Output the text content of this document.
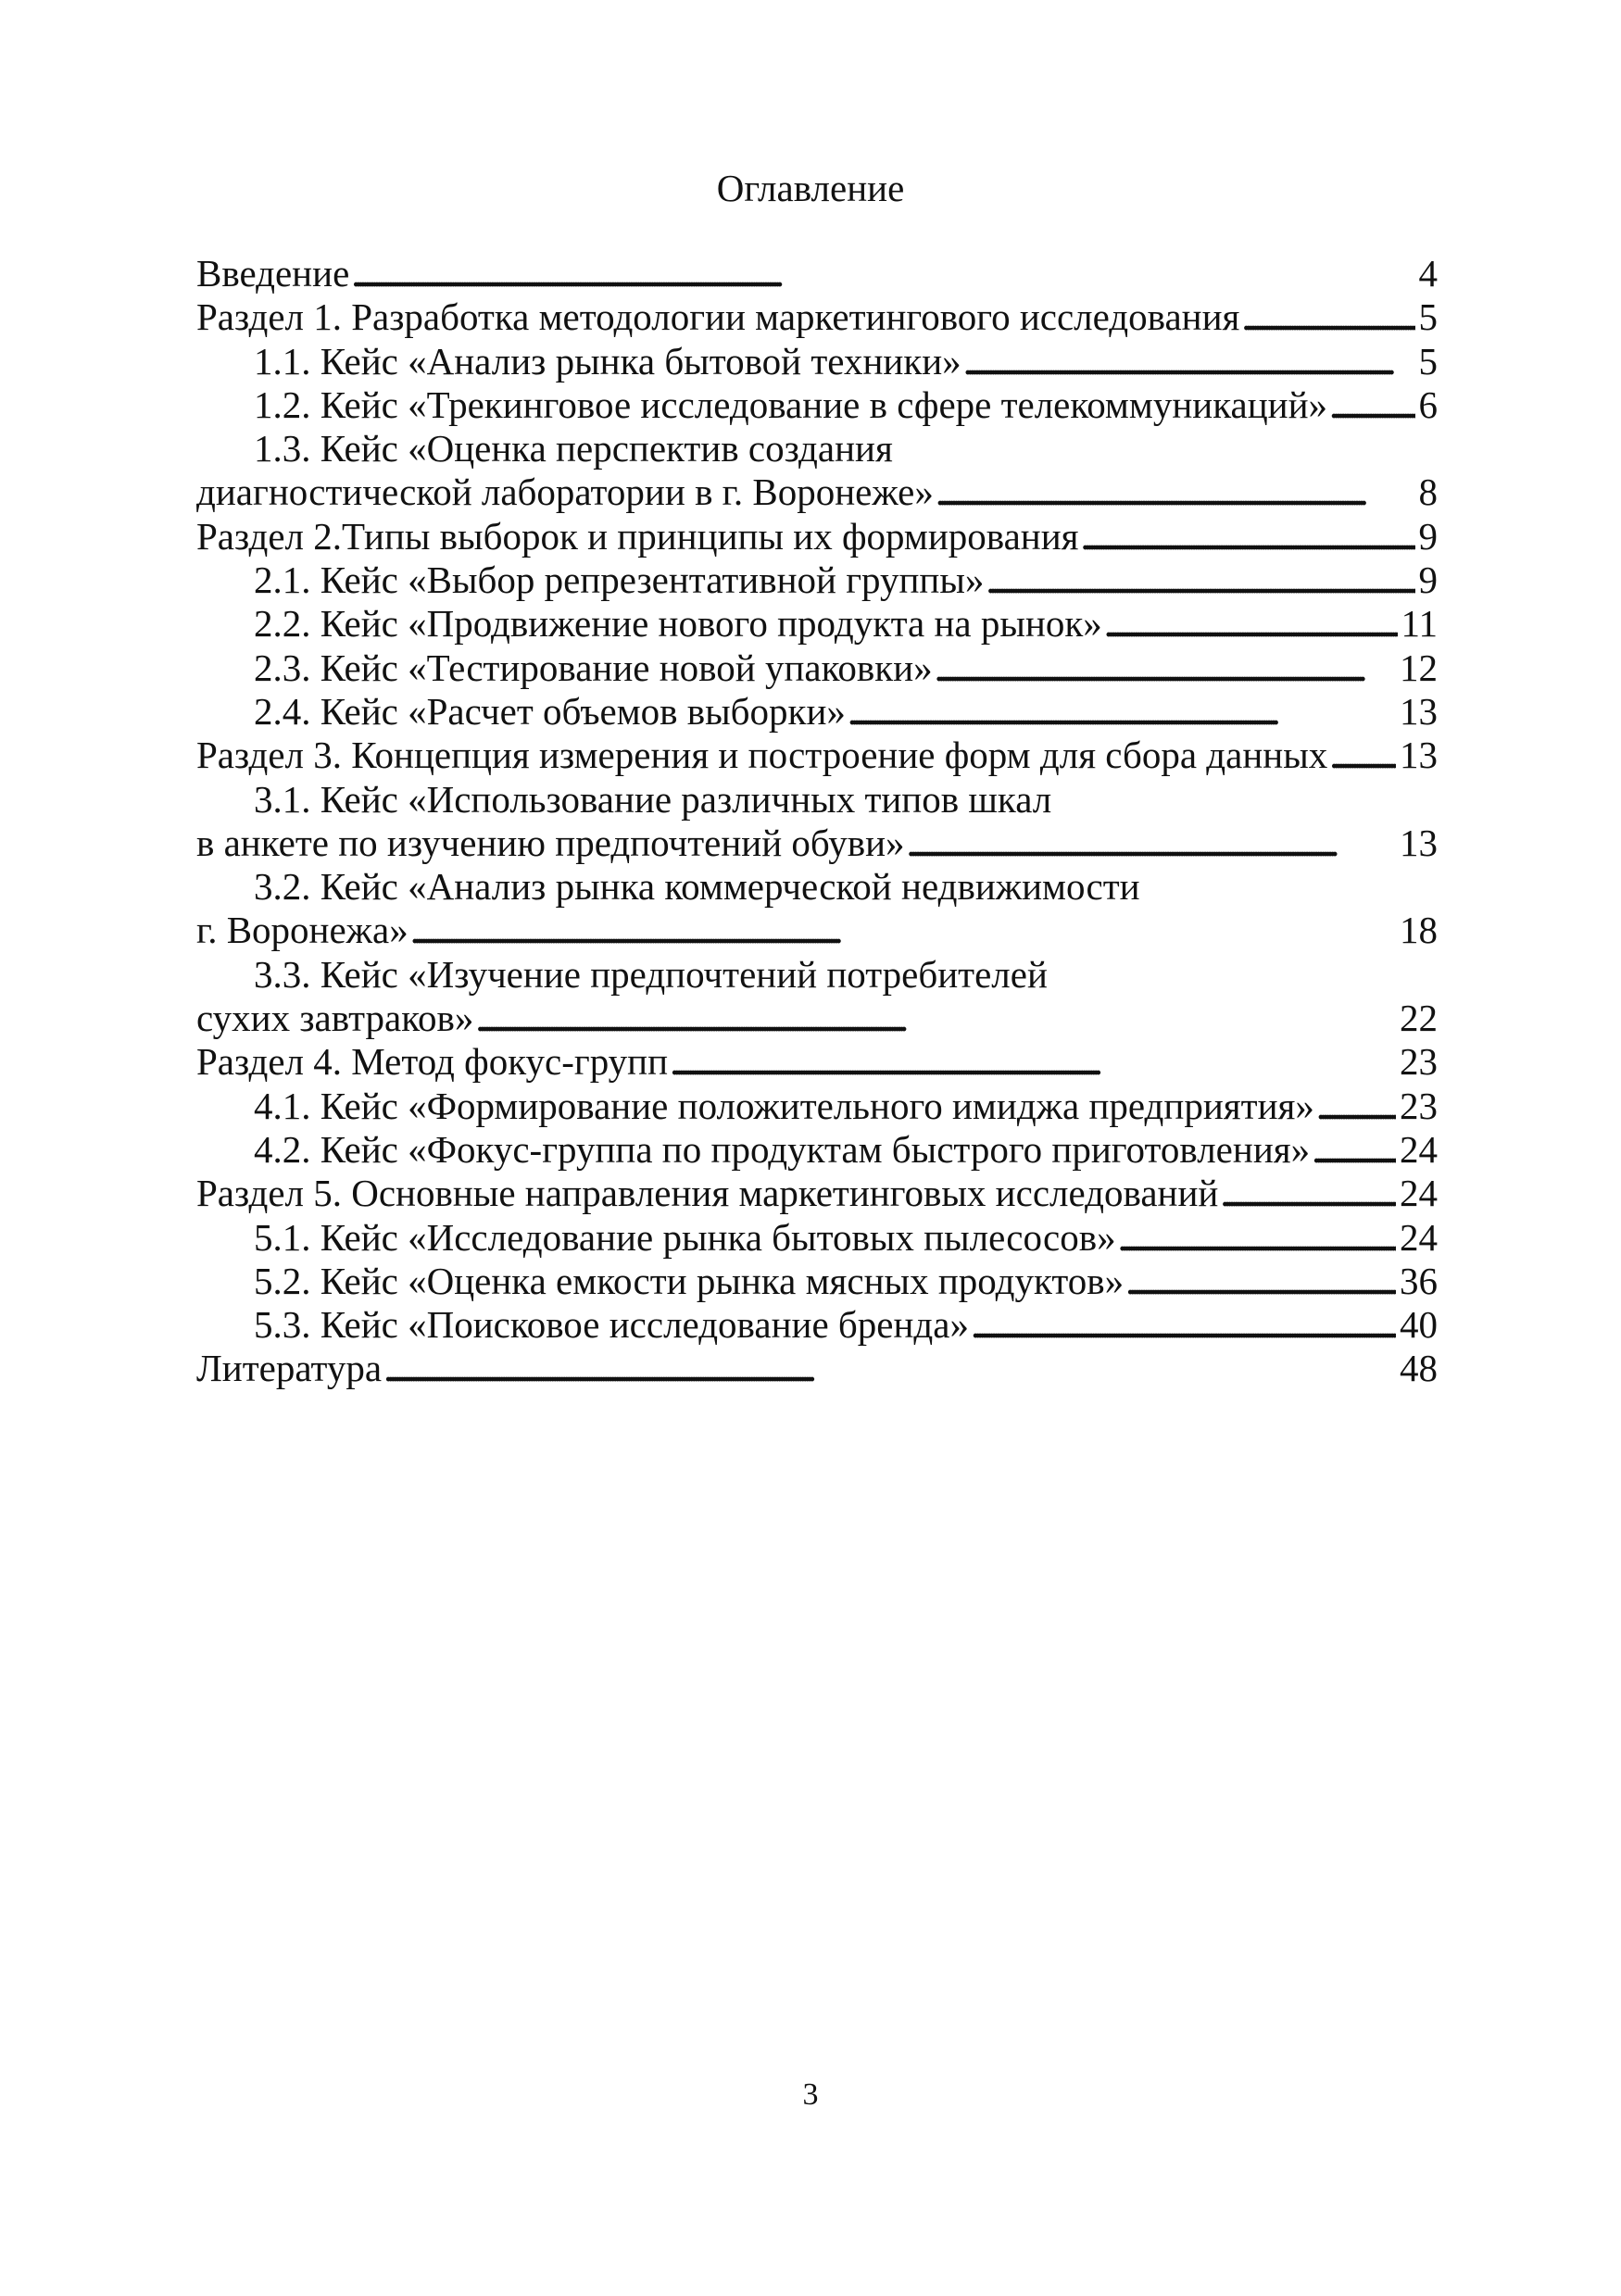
Оглавление
Введение . . .	4
Раздел 1. Разработка методологии маркетингового исследования . . .	5
1.1. Кейс «Анализ рынка бытовой техники» . . .	5
1.2. Кейс «Трекинговое исследование в сфере телекоммуникаций» . . . 6
1.3. Кейс «Оценка перспектив создания
диагностической лаборатории в г. Воронеже» . . .	8
Раздел 2.Типы выборок и принципы их формирования . . .	9
2.1. Кейс «Выбор репрезентативной группы» . . .	9
2.2. Кейс «Продвижение нового продукта на рынок» . . .	11
2.3. Кейс «Тестирование новой упаковки» . . .	12
2.4. Кейс «Расчет объемов выборки» . . .	13
Раздел 3. Концепция измерения и построение форм для сбора данных . . . 13
3.1. Кейс «Использование различных типов шкал
в анкете по изучению предпочтений обуви» . . .	13
3.2. Кейс «Анализ рынка коммерческой недвижимости
г. Воронежа» . . .	18
3.3. Кейс «Изучение предпочтений потребителей
сухих завтраков» . . .	22
Раздел 4. Метод фокус-групп . . .	23
4.1. Кейс «Формирование положительного имиджа предприятия» . . . 23
4.2. Кейс «Фокус-группа по продуктам быстрого приготовления» . . . 24
Раздел 5. Основные направления маркетинговых исследований . . .	24
5.1. Кейс «Исследование рынка бытовых пылесосов» . . .	24
5.2. Кейс «Оценка емкости рынка мясных продуктов» . . .	36
5.3. Кейс «Поисковое исследование бренда» . . .	40
Литература . . .	48
3
